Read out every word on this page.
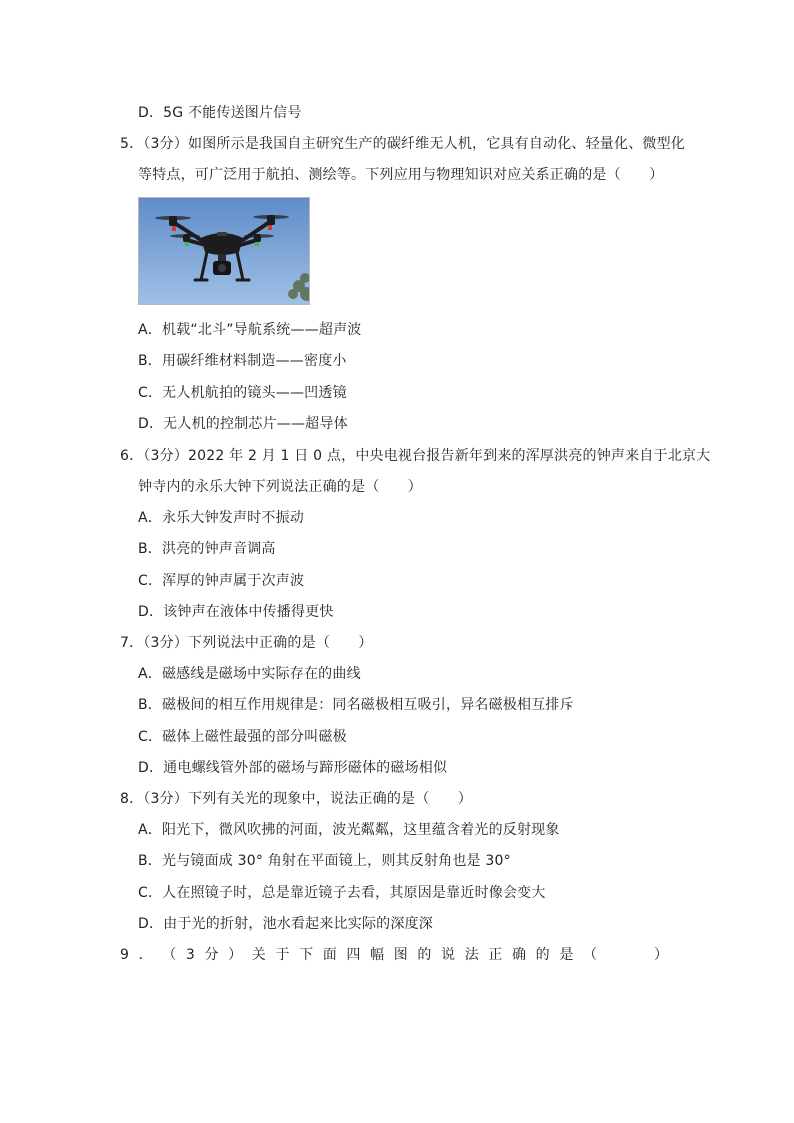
D．5G 不能传送图片信号
5．（3分）如图所示是我国自主研究生产的碳纤维无人机，它具有自动化、轻量化、微型化
等特点，可广泛用于航拍、测绘等。下列应用与物理知识对应关系正确的是（　　）
A．机载“北斗”导航系统——超声波
B．用碳纤维材料制造——密度小
C．无人机航拍的镜头——凹透镜
D．无人机的控制芯片——超导体
6．（3分）2022 年 2 月 1 日 0 点，中央电视台报告新年到来的浑厚洪亮的钟声来自于北京大
钟寺内的永乐大钟下列说法正确的是（　　）
A．永乐大钟发声时不振动
B．洪亮的钟声音调高
C．浑厚的钟声属于次声波
D．该钟声在液体中传播得更快
7．（3分）下列说法中正确的是（　　）
A．磁感线是磁场中实际存在的曲线
B．磁极间的相互作用规律是：同名磁极相互吸引，异名磁极相互排斥
C．磁体上磁性最强的部分叫磁极
D．通电螺线管外部的磁场与蹄形磁体的磁场相似
8．（3分）下列有关光的现象中，说法正确的是（　　）
A．阳光下，微风吹拂的河面，波光粼粼，这里蕴含着光的反射现象
B．光与镜面成 30° 角射在平面镜上，则其反射角也是 30°
C．人在照镜子时，总是靠近镜子去看，其原因是靠近时像会变大
D．由于光的折射，池水看起来比实际的深度深
9 ． （ 3 分 ） 关 于 下 面 四 幅 图 的 说 法 正 确 的 是 （

　	）
